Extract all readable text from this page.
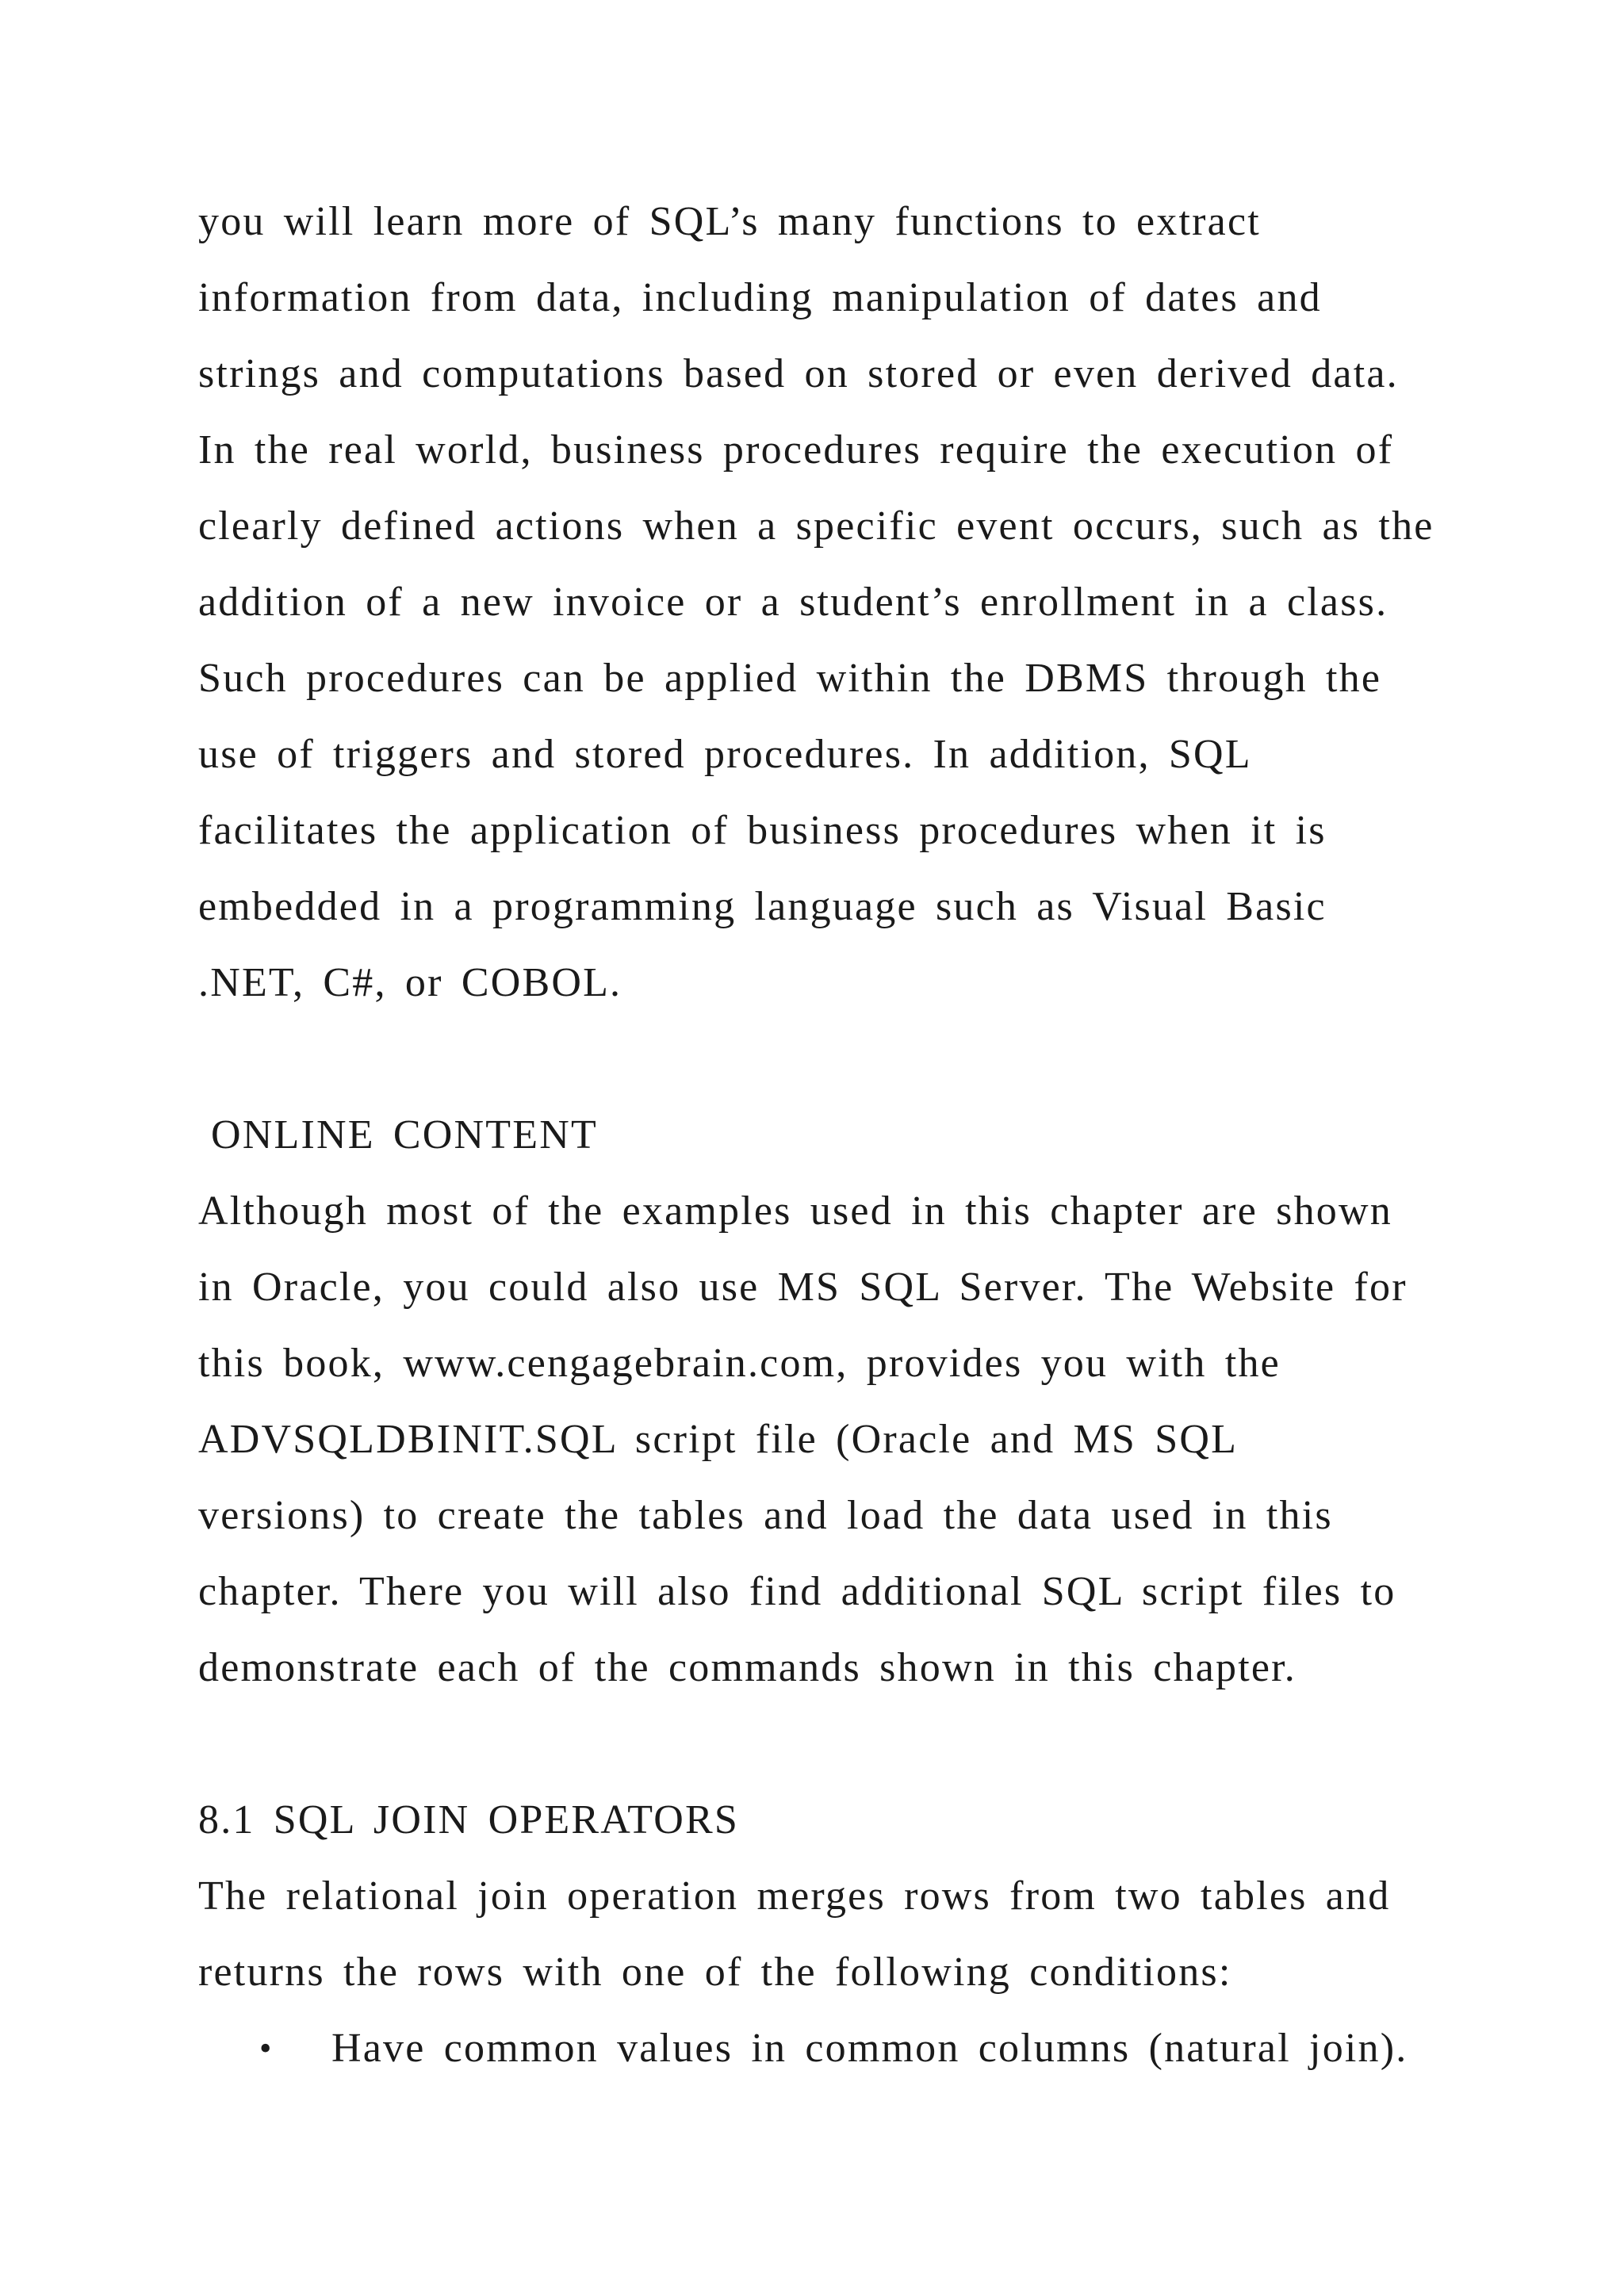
you will learn more of SQL’s many functions to extract
information from data, including manipulation of dates and
strings and computations based on stored or even derived data.
In the real world, business procedures require the execution of
clearly defined actions when a specific event occurs, such as the
addition of a new invoice or a student’s enrollment in a class.
Such procedures can be applied within the DBMS through the
use of triggers and stored procedures. In addition, SQL
facilitates the application of business procedures when it is
embedded in a programming language such as Visual Basic
.NET, C#, or COBOL.
ONLINE CONTENT
Although most of the examples used in this chapter are shown
in Oracle, you could also use MS SQL Server. The Website for
this book, www.cengagebrain.com, provides you with the
ADVSQLDBINIT.SQL script file (Oracle and MS SQL
versions) to create the tables and load the data used in this
chapter. There you will also find additional SQL script files to
demonstrate each of the commands shown in this chapter.
8.1 SQL JOIN OPERATORS
The relational join operation merges rows from two tables and
returns the rows with one of the following conditions:
• Have common values in common columns (natural join).
